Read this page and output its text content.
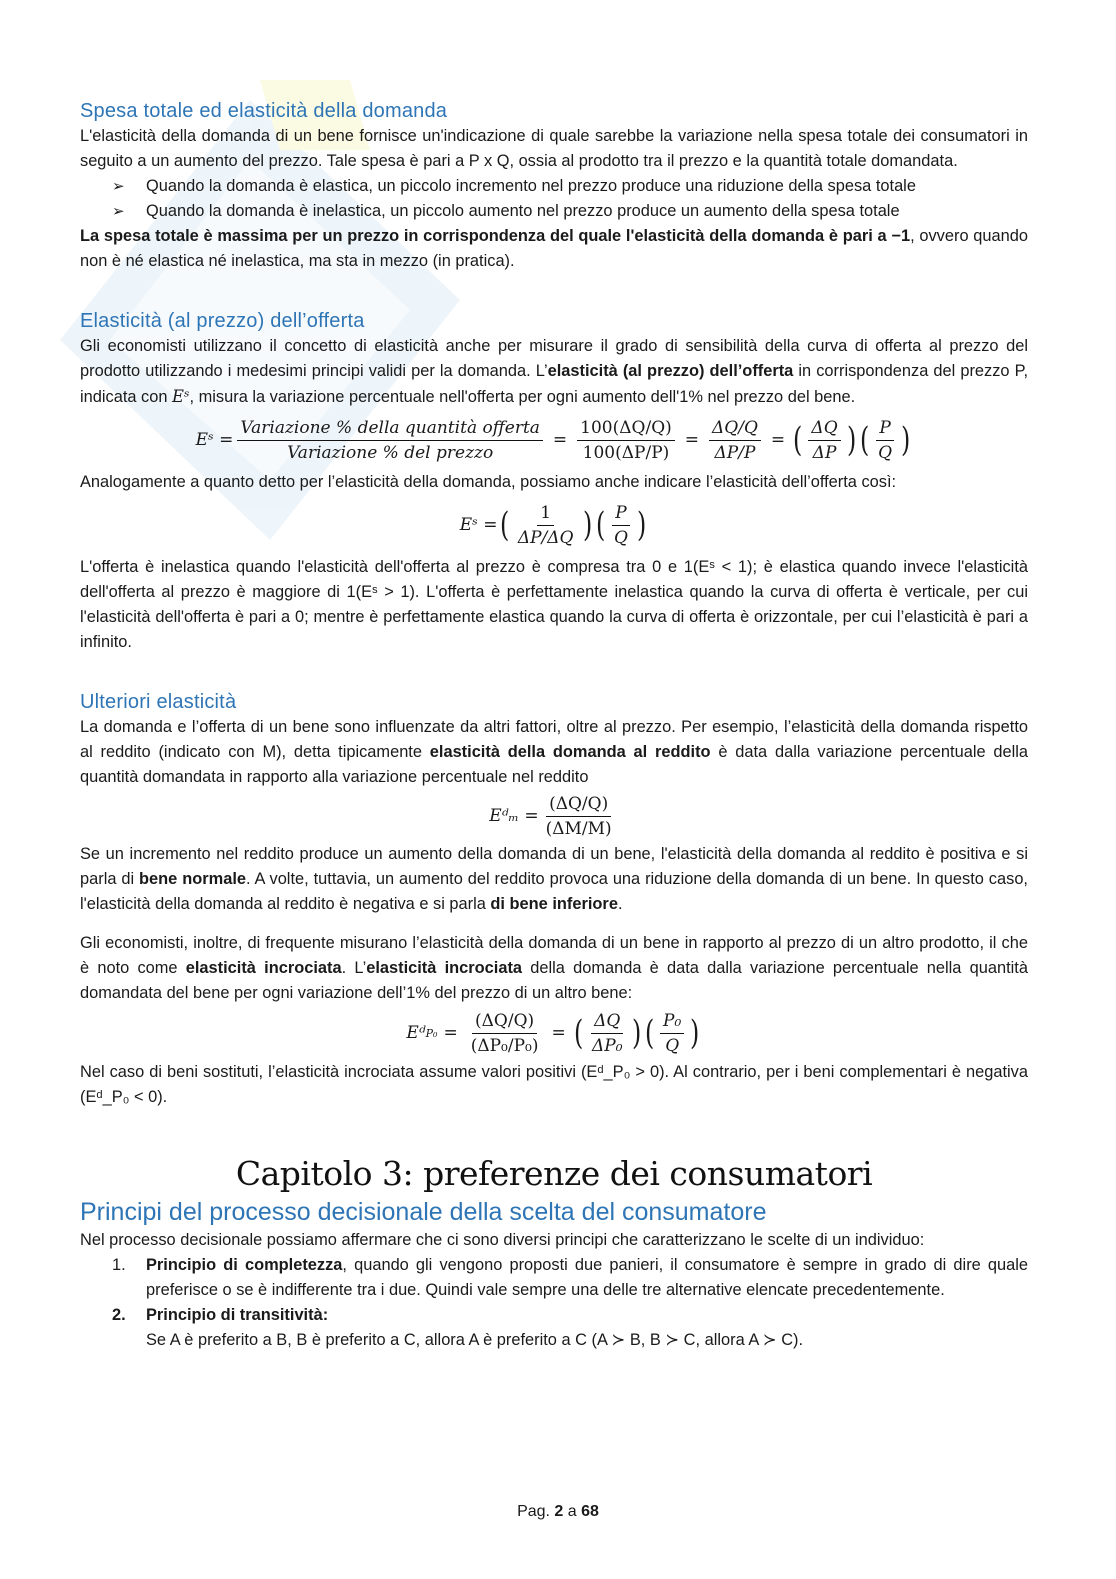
Spesa totale ed elasticità della domanda

L'elasticità della domanda di un bene fornisce un'indicazione di quale sarebbe la variazione nella spesa totale dei consumatori in seguito a un aumento del prezzo. Tale spesa è pari a P x Q, ossia al prodotto tra il prezzo e la quantità totale domandata.

➢ Quando la domanda è elastica, un piccolo incremento nel prezzo produce una riduzione della spesa totale
➢ Quando la domanda è inelastica, un piccolo aumento nel prezzo produce un aumento della spesa totale

La spesa totale è massima per un prezzo in corrispondenza del quale l'elasticità della domanda è pari a −1, ovvero quando non è né elastica né inelastica, ma sta in mezzo (in pratica).

Elasticità (al prezzo) dell’offerta

Gli economisti utilizzano il concetto di elasticità anche per misurare il grado di sensibilità della curva di offerta al prezzo del prodotto utilizzando i medesimi principi validi per la domanda. L’elasticità (al prezzo) dell’offerta in corrispondenza del prezzo P, indicata con Eˢ, misura la variazione percentuale nell'offerta per ogni aumento dell'1% nel prezzo del bene.

Eˢ = $\frac{\text{Variazione \% della quantità offerta}}{\text{Variazione \% del prezzo}} = \frac{100(\Delta Q/Q)}{100(\Delta P/P)} = \frac{\Delta Q/Q}{\Delta P/P}$ = ( $\frac{\Delta Q}{\Delta P}$ ) ( $\frac{P}{Q}$ )

Analogamente a quanto detto per l’elasticità della domanda, possiamo anche indicare l’elasticità dell’offerta così:

Eˢ = ( $\frac{1}{\Delta P/\Delta Q}$ ) ( $\frac{P}{Q}$ )

L'offerta è inelastica quando l'elasticità dell'offerta al prezzo è compresa tra 0 e 1(Eˢ < 1); è elastica quando invece l'elasticità dell'offerta al prezzo è maggiore di 1(Eˢ > 1). L'offerta è perfettamente inelastica quando la curva di offerta è verticale, per cui l'elasticità dell'offerta è pari a 0; mentre è perfettamente elastica quando la curva di offerta è orizzontale, per cui l’elasticità è pari a infinito.

Ulteriori elasticità

La domanda e l’offerta di un bene sono influenzate da altri fattori, oltre al prezzo. Per esempio, l’elasticità della domanda rispetto al reddito (indicato con M), detta tipicamente elasticità della domanda al reddito è data dalla variazione percentuale della quantità domandata in rapporto alla variazione percentuale nel reddito

Eᵈₘ = $\frac{(\Delta Q/Q)}{(\Delta M/M)}$

Se un incremento nel reddito produce un aumento della domanda di un bene, l'elasticità della domanda al reddito è positiva e si parla di bene normale. A volte, tuttavia, un aumento del reddito provoca una riduzione della domanda di un bene. In questo caso, l'elasticità della domanda al reddito è negativa e si parla di bene inferiore.

Gli economisti, inoltre, di frequente misurano l’elasticità della domanda di un bene in rapporto al prezzo di un altro prodotto, il che è noto come elasticità incrociata. L’elasticità incrociata della domanda è data dalla variazione percentuale nella quantità domandata del bene per ogni variazione dell’1% del prezzo di un altro bene:

Eᵈ $P_0 = \frac{(\Delta Q/Q)}{\text{(ΔP₀/P₀)}}$ = ( $\frac{\Delta Q}{\text{ΔP₀}}$ ) ( $\frac{\text{P₀}}{Q}$ )

Nel caso di beni sostituti, l’elasticità incrociata assume valori positivi (Eᵈ_P₀ > 0). Al contrario, per i beni complementari è negativa (Eᵈ_P₀ < 0).

Capitolo 3: preferenze dei consumatori
Principi del processo decisionale della scelta del consumatore

Nel processo decisionale possiamo affermare che ci sono diversi principi che caratterizzano le scelte di un individuo:

1. Principio di completezza, quando gli vengono proposti due panieri, il consumatore è sempre in grado di dire quale preferisce o se è indifferente tra i due. Quindi vale sempre una delle tre alternative elencate precedentemente.
2. Principio di transitività:
Se A è preferito a B, B è preferito a C, allora A è preferito a C (A ≻ B, B ≻ C, allora A ≻ C).
Pag. 2 a 68
